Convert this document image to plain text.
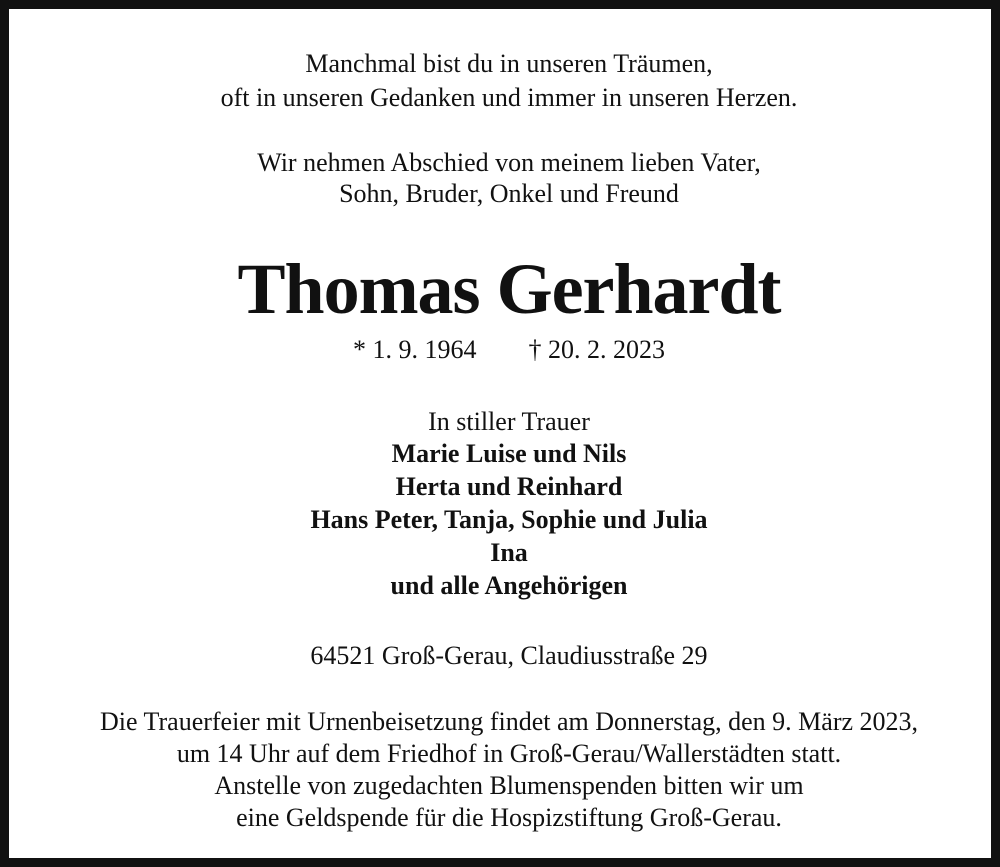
Manchmal bist du in unseren Träumen,
oft in unseren Gedanken und immer in unseren Herzen.
Wir nehmen Abschied von meinem lieben Vater,
Sohn, Bruder, Onkel und Freund
Thomas Gerhardt
* 1. 9. 1964 † 20. 2. 2023
In stiller Trauer
Marie Luise und Nils
Herta und Reinhard
Hans Peter, Tanja, Sophie und Julia
Ina
und alle Angehörigen
64521 Groß-Gerau, Claudiusstraße 29
Die Trauerfeier mit Urnenbeisetzung findet am Donnerstag, den 9. März 2023,
um 14 Uhr auf dem Friedhof in Groß-Gerau/Wallerstädten statt.
Anstelle von zugedachten Blumenspenden bitten wir um
eine Geldspende für die Hospizstiftung Groß-Gerau.
